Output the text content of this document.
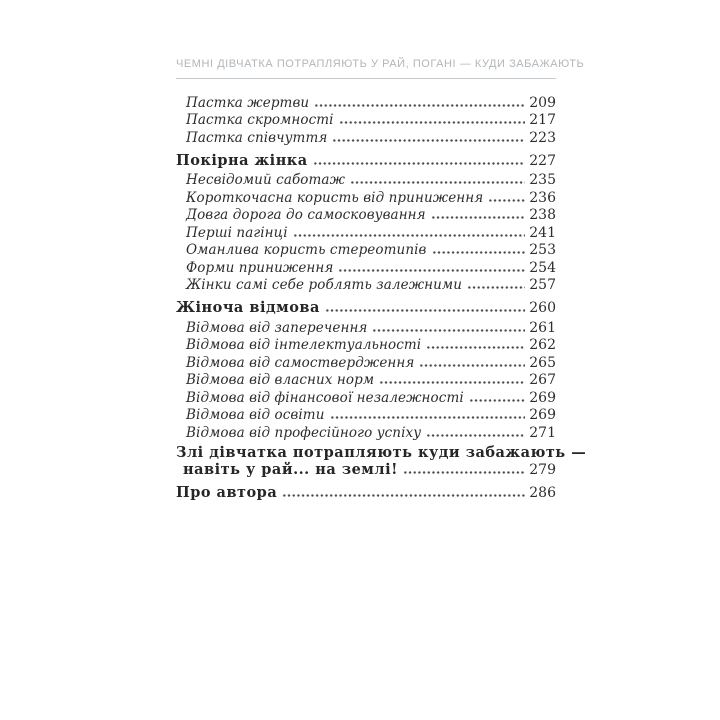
ЧЕМНІ ДІВЧАТКА ПОТРАПЛЯЮТЬ У РАЙ, ПОГАНІ — КУДИ ЗАБАЖАЮТЬ
Пастка жертви	209
Пастка скромності	217
Пастка співчуття	223
Покірна жінка	227
Несвідомий саботаж	235
Короткочасна користь від приниження	236
Довга дорога до самосковування	238
Перші пагінці	241
Оманлива користь стереотипів	253
Форми приниження	254
Жінки самі себе роблять залежними	257
Жіноча відмова	260
Відмова від заперечення	261
Відмова від інтелектуальності	262
Відмова від самоствердження	265
Відмова від власних норм	267
Відмова від фінансової незалежності	269
Відмова від освіти	269
Відмова від професійного успіху	271
Злі дівчатка потрапляють куди забажають —
навіть у рай... на землі!	279
Про автора	286
